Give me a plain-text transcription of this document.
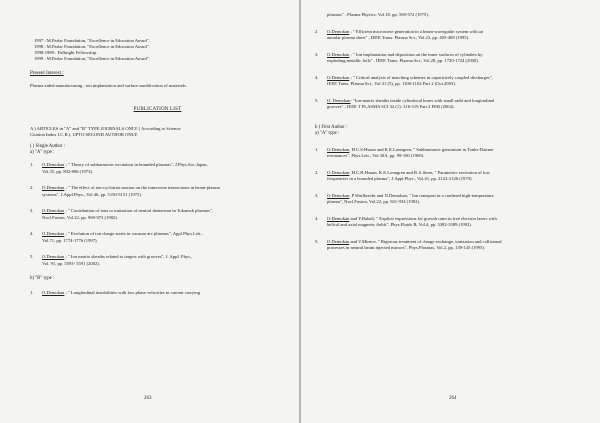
1997 : M.Parlar Foundation, "Excellence in Education Award".
1998 : M.Parlar Foundation, "Excellence in Education Award".
1998-1999 : Fulbright Fellowship.
1999 : M.Parlar Foundation, "Excellence in Education Award".
Present Interest :
Plasma aided manufacturing , ion implantation and surface modification of materials.
PUBLICATION LIST
A ) ARTICLES in "A" and "B" TYPE JOURNALS ONLY ( According to Science
Citation Index I.C.R.), UPTO SECOND AUTHOR ONLY.
( ) Single Author :
a) "A" type :
1.	O.Demokan ; " Theory of subharmonic excitation in bounded plasmas", J.Phys.Soc.Japan,
Vol.35, pp. 892-896 (1973).
2.	O.Demokan ; " The effect of ion-cyclotron motion on the transverse interactions in beam-plasma
systems", J.Appl.Phys., Vol.46, pp. 5150-5151 (1975).
3.	O.Demokan ; " Contribution of ions to ionization of neutral deuterium in Tokamak plasmas",
Nucl.Fusion, Vol.22, pp. 969-973 (1982).
4.	O.Demokan ; " Evolution of ion charge states in vacuum arc plasmas", Appl.Phys.Lett.,
Vol.71, pp. 1774-1776 (1997).
5.	O.Demokan ; " Ion matrix sheaths related to targets with grooves", J. Appl. Phys.,
Vol. 91, pp. 5593- 5591 (2002).
b) "B" type :
1.	O.Demokan ; " Longitudinal instabilities with low phase velocities in current carrying
263
plasmas" , Plasma Physics, Vol.18, pp. 569-572 (1975).
2.	O.Demokan ; " Efficient microwave generation in a beam-waveguide system with an
annular plasma sheet" , IEEE Trans. Plasma Sci., Vol.23, pp. 405-408 (1995).
3.	O.Demokan ; " Ion implantation and deposition on the inner surfaces of cylinders by
exploding metallic foils" , IEEE Trans. Plasma Sci., Vol.28, pp. 1720-1724 (2000).
4.	O.Demokan ; " Critical analysis of matching schemes in capacitively coupled discharges",
IEEE Trans. Plasma Sci., Vol.31 (5), pp. 1100-1102 Part 2 (Oct.2003).
5.	O. Demokan: "Ion-matrix sheaths inside cylindrical bores with small radii and longitudinal
grooves" , IEEE T PLASMA SCI 32 (1): 316-319 Part 2 FEB (2004).
b ) First Author :
a) "A" type :
1.	O.Demokan, H.C.S.Hsuan and K.E.Lonngren, " Subharmonic generation in Tonks-Dattner
resonances", Phys.Lett., Vol.30A, pp. 99-100 (1969).
2.	O.Demokan, H.C.H.Hsuan, K.E.Lonngren and R.A.Stern, " Parametric excitation of low
frequencies in a bounded plasma", J.Appl.Phys., Vol.41, pp. 2122-2126 (1970).
3.	O.Demokan, P.Wurlbrecht and N.Demokan, " Ion transport in a confined high-temperature
plasma", Nucl.Fusion, Vol.22, pp. 921-934 (1982).
4.	O.Demokan and Y.Rahali, " Explicit expressions for growth rates in free electron lasers with
helical and axial magnetic fields", Phys.Fluids B, Vol.4, pp. 3382-3389 (1992).
5.	O.Demokan and V.Mirnov, " Rigorous treatment of charge exchange, ionization and collisional
processes in neutral beam injected mirrors", Phys.Plasmas, Vol.2, pp. 139-145 (1995).
264
